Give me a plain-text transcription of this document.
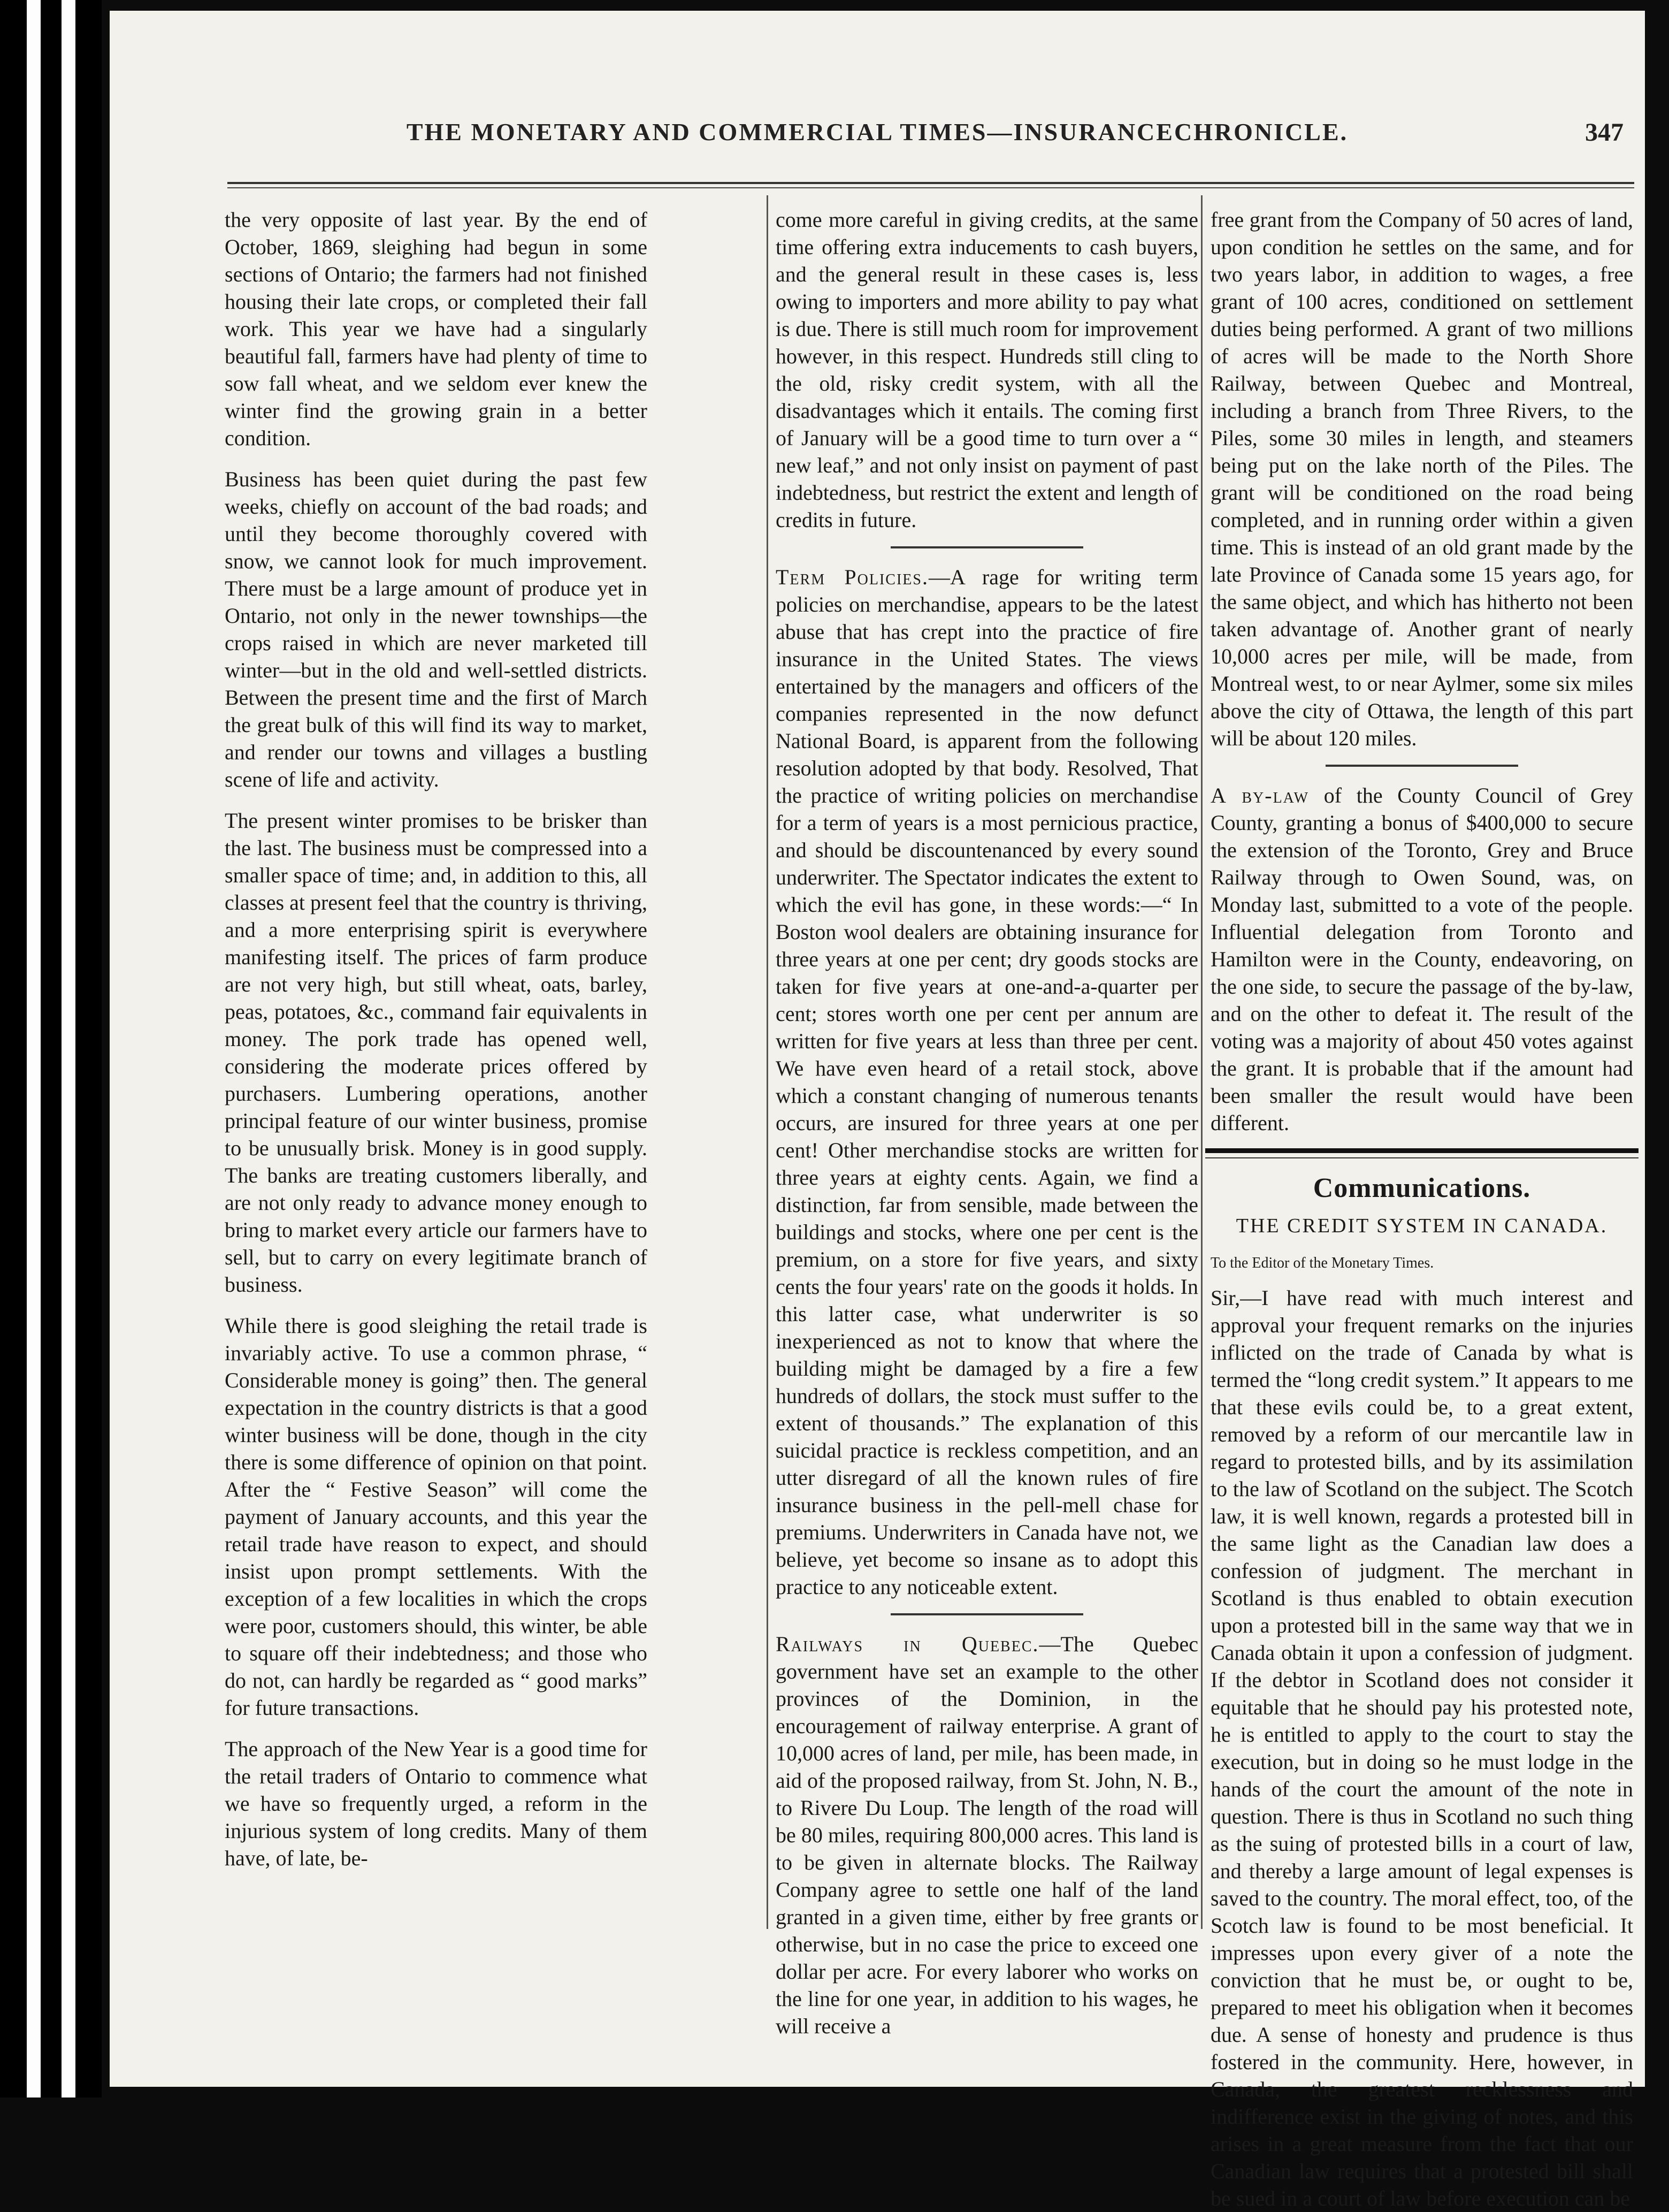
THE MONETARY AND COMMERCIAL TIMES—INSURANCECHRONICLE.	347

the very opposite of last year. By the end of October, 1869, sleighing had begun in some sections of Ontario; the farmers had not finished housing their late crops, or completed their fall work. This year we have had a singularly beautiful fall, farmers have had plenty of time to sow fall wheat, and we seldom ever knew the winter find the growing grain in a better condition.

Business has been quiet during the past few weeks, chiefly on account of the bad roads; and until they become thoroughly covered with snow, we cannot look for much improvement. There must be a large amount of produce yet in Ontario, not only in the newer townships—the crops raised in which are never marketed till winter—but in the old and well-settled districts. Between the present time and the first of March the great bulk of this will find its way to market, and render our towns and villages a bustling scene of life and activity.

The present winter promises to be brisker than the last. The business must be compressed into a smaller space of time; and, in addition to this, all classes at present feel that the country is thriving, and a more enterprising spirit is everywhere manifesting itself. The prices of farm produce are not very high, but still wheat, oats, barley, peas, potatoes, &c., command fair equivalents in money. The pork trade has opened well, considering the moderate prices offered by purchasers. Lumbering operations, another principal feature of our winter business, promise to be unusually brisk. Money is in good supply. The banks are treating customers liberally, and are not only ready to advance money enough to bring to market every article our farmers have to sell, but to carry on every legitimate branch of business.

While there is good sleighing the retail trade is invariably active. To use a common phrase, “ Considerable money is going” then. The general expectation in the country districts is that a good winter business will be done, though in the city there is some difference of opinion on that point. After the “ Festive Season” will come the payment of January accounts, and this year the retail trade have reason to expect, and should insist upon prompt settlements. With the exception of a few localities in which the crops were poor, customers should, this winter, be able to square off their indebtedness; and those who do not, can hardly be regarded as “ good marks” for future transactions.

The approach of the New Year is a good time for the retail traders of Ontario to commence what we have so frequently urged, a reform in the injurious system of long credits. Many of them have, of late, be-

come more careful in giving credits, at the same time offering extra inducements to cash buyers, and the general result in these cases is, less owing to importers and more ability to pay what is due. There is still much room for improvement however, in this respect. Hundreds still cling to the old, risky credit system, with all the disadvantages which it entails. The coming first of January will be a good time to turn over a “ new leaf,” and not only insist on payment of past indebtedness, but restrict the extent and length of credits in future.

Term Policies.—A rage for writing term policies on merchandise, appears to be the latest abuse that has crept into the practice of fire insurance in the United States. The views entertained by the managers and officers of the companies represented in the now defunct National Board, is apparent from the following resolution adopted by that body. Resolved, That the practice of writing policies on merchandise for a term of years is a most pernicious practice, and should be discountenanced by every sound underwriter. The Spectator indicates the extent to which the evil has gone, in these words:—“ In Boston wool dealers are obtaining insurance for three years at one per cent; dry goods stocks are taken for five years at one-and-a-quarter per cent; stores worth one per cent per annum are written for five years at less than three per cent. We have even heard of a retail stock, above which a constant changing of numerous tenants occurs, are insured for three years at one per cent! Other merchandise stocks are written for three years at eighty cents. Again, we find a distinction, far from sensible, made between the buildings and stocks, where one per cent is the premium, on a store for five years, and sixty cents the four years' rate on the goods it holds. In this latter case, what underwriter is so inexperienced as not to know that where the building might be damaged by a fire a few hundreds of dollars, the stock must suffer to the extent of thousands.” The explanation of this suicidal practice is reckless competition, and an utter disregard of all the known rules of fire insurance business in the pell-mell chase for premiums. Underwriters in Canada have not, we believe, yet become so insane as to adopt this practice to any noticeable extent.

Railways in Quebec.—The Quebec government have set an example to the other provinces of the Dominion, in the encouragement of railway enterprise. A grant of 10,000 acres of land, per mile, has been made, in aid of the proposed railway, from St. John, N. B., to Rivere Du Loup. The length of the road will be 80 miles, requiring 800,000 acres. This land is to be given in alternate blocks. The Railway Company agree to settle one half of the land granted in a given time, either by free grants or otherwise, but in no case the price to exceed one dollar per acre. For every laborer who works on the line for one year, in addition to his wages, he will receive a

free grant from the Company of 50 acres of land, upon condition he settles on the same, and for two years labor, in addition to wages, a free grant of 100 acres, conditioned on settlement duties being performed. A grant of two millions of acres will be made to the North Shore Railway, between Quebec and Montreal, including a branch from Three Rivers, to the Piles, some 30 miles in length, and steamers being put on the lake north of the Piles. The grant will be conditioned on the road being completed, and in running order within a given time. This is instead of an old grant made by the late Province of Canada some 15 years ago, for the same object, and which has hitherto not been taken advantage of. Another grant of nearly 10,000 acres per mile, will be made, from Montreal west, to or near Aylmer, some six miles above the city of Ottawa, the length of this part will be about 120 miles.

A by-law of the County Council of Grey County, granting a bonus of $400,000 to secure the extension of the Toronto, Grey and Bruce Railway through to Owen Sound, was, on Monday last, submitted to a vote of the people. Influential delegation from Toronto and Hamilton were in the County, endeavoring, on the one side, to secure the passage of the by-law, and on the other to defeat it. The result of the voting was a majority of about 450 votes against the grant. It is probable that if the amount had been smaller the result would have been different.

Communications.
THE CREDIT SYSTEM IN CANADA.
To the Editor of the Monetary Times.

Sir,—I have read with much interest and approval your frequent remarks on the injuries inflicted on the trade of Canada by what is termed the “long credit system.” It appears to me that these evils could be, to a great extent, removed by a reform of our mercantile law in regard to protested bills, and by its assimilation to the law of Scotland on the subject. The Scotch law, it is well known, regards a protested bill in the same light as the Canadian law does a confession of judgment. The merchant in Scotland is thus enabled to obtain execution upon a protested bill in the same way that we in Canada obtain it upon a confession of judgment. If the debtor in Scotland does not consider it equitable that he should pay his protested note, he is entitled to apply to the court to stay the execution, but in doing so he must lodge in the hands of the court the amount of the note in question. There is thus in Scotland no such thing as the suing of protested bills in a court of law, and thereby a large amount of legal expenses is saved to the country. The moral effect, too, of the Scotch law is found to be most beneficial. It impresses upon every giver of a note the conviction that he must be, or ought to be, prepared to meet his obligation when it becomes due. A sense of honesty and prudence is thus fostered in the community. Here, however, in Canada, the greatest recklessness and indifference exist in the giving of notes, and this arises in a great measure from the fact that our Canadian law requires that a protested bill shall be sued in a court of law before execution can be
